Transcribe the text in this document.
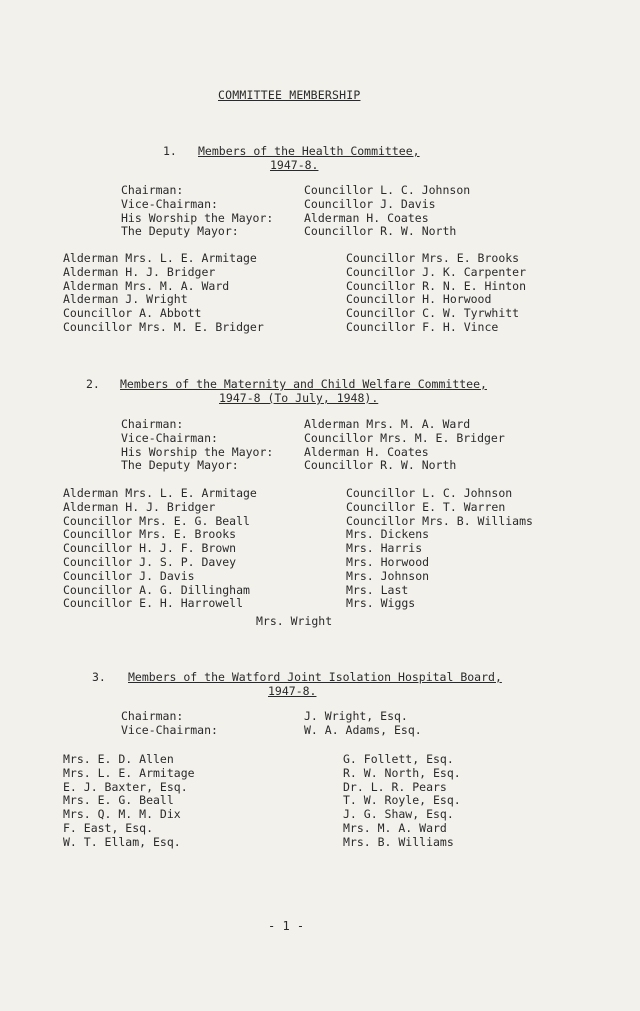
COMMITTEE MEMBERSHIP
1. Members of the Health Committee,
1947-8.
Chairman:
Vice-Chairman:
His Worship the Mayor:
The Deputy Mayor:
Councillor L. C. Johnson
Councillor J. Davis
Alderman H. Coates
Councillor R. W. North
Alderman Mrs. L. E. Armitage
Alderman H. J. Bridger
Alderman Mrs. M. A. Ward
Alderman J. Wright
Councillor A. Abbott
Councillor Mrs. M. E. Bridger
Councillor Mrs. E. Brooks
Councillor J. K. Carpenter
Councillor R. N. E. Hinton
Councillor H. Horwood
Councillor C. W. Tyrwhitt
Councillor F. H. Vince
2. Members of the Maternity and Child Welfare Committee,
1947-8 (To July, 1948).
Chairman:
Vice-Chairman:
His Worship the Mayor:
The Deputy Mayor:
Alderman Mrs. M. A. Ward
Councillor Mrs. M. E. Bridger
Alderman H. Coates
Councillor R. W. North
Alderman Mrs. L. E. Armitage
Alderman H. J. Bridger
Councillor Mrs. E. G. Beall
Councillor Mrs. E. Brooks
Councillor H. J. F. Brown
Councillor J. S. P. Davey
Councillor J. Davis
Councillor A. G. Dillingham
Councillor E. H. Harrowell
Councillor L. C. Johnson
Councillor E. T. Warren
Councillor Mrs. B. Williams
Mrs. Dickens
Mrs. Harris
Mrs. Horwood
Mrs. Johnson
Mrs. Last
Mrs. Wiggs
Mrs. Wright
3. Members of the Watford Joint Isolation Hospital Board,
1947-8.
Chairman:
Vice-Chairman:
J. Wright, Esq.
W. A. Adams, Esq.
Mrs. E. D. Allen
Mrs. L. E. Armitage
E. J. Baxter, Esq.
Mrs. E. G. Beall
Mrs. Q. M. M. Dix
F. East, Esq.
W. T. Ellam, Esq.
G. Follett, Esq.
R. W. North, Esq.
Dr. L. R. Pears
T. W. Royle, Esq.
J. G. Shaw, Esq.
Mrs. M. A. Ward
Mrs. B. Williams
- 1 -
